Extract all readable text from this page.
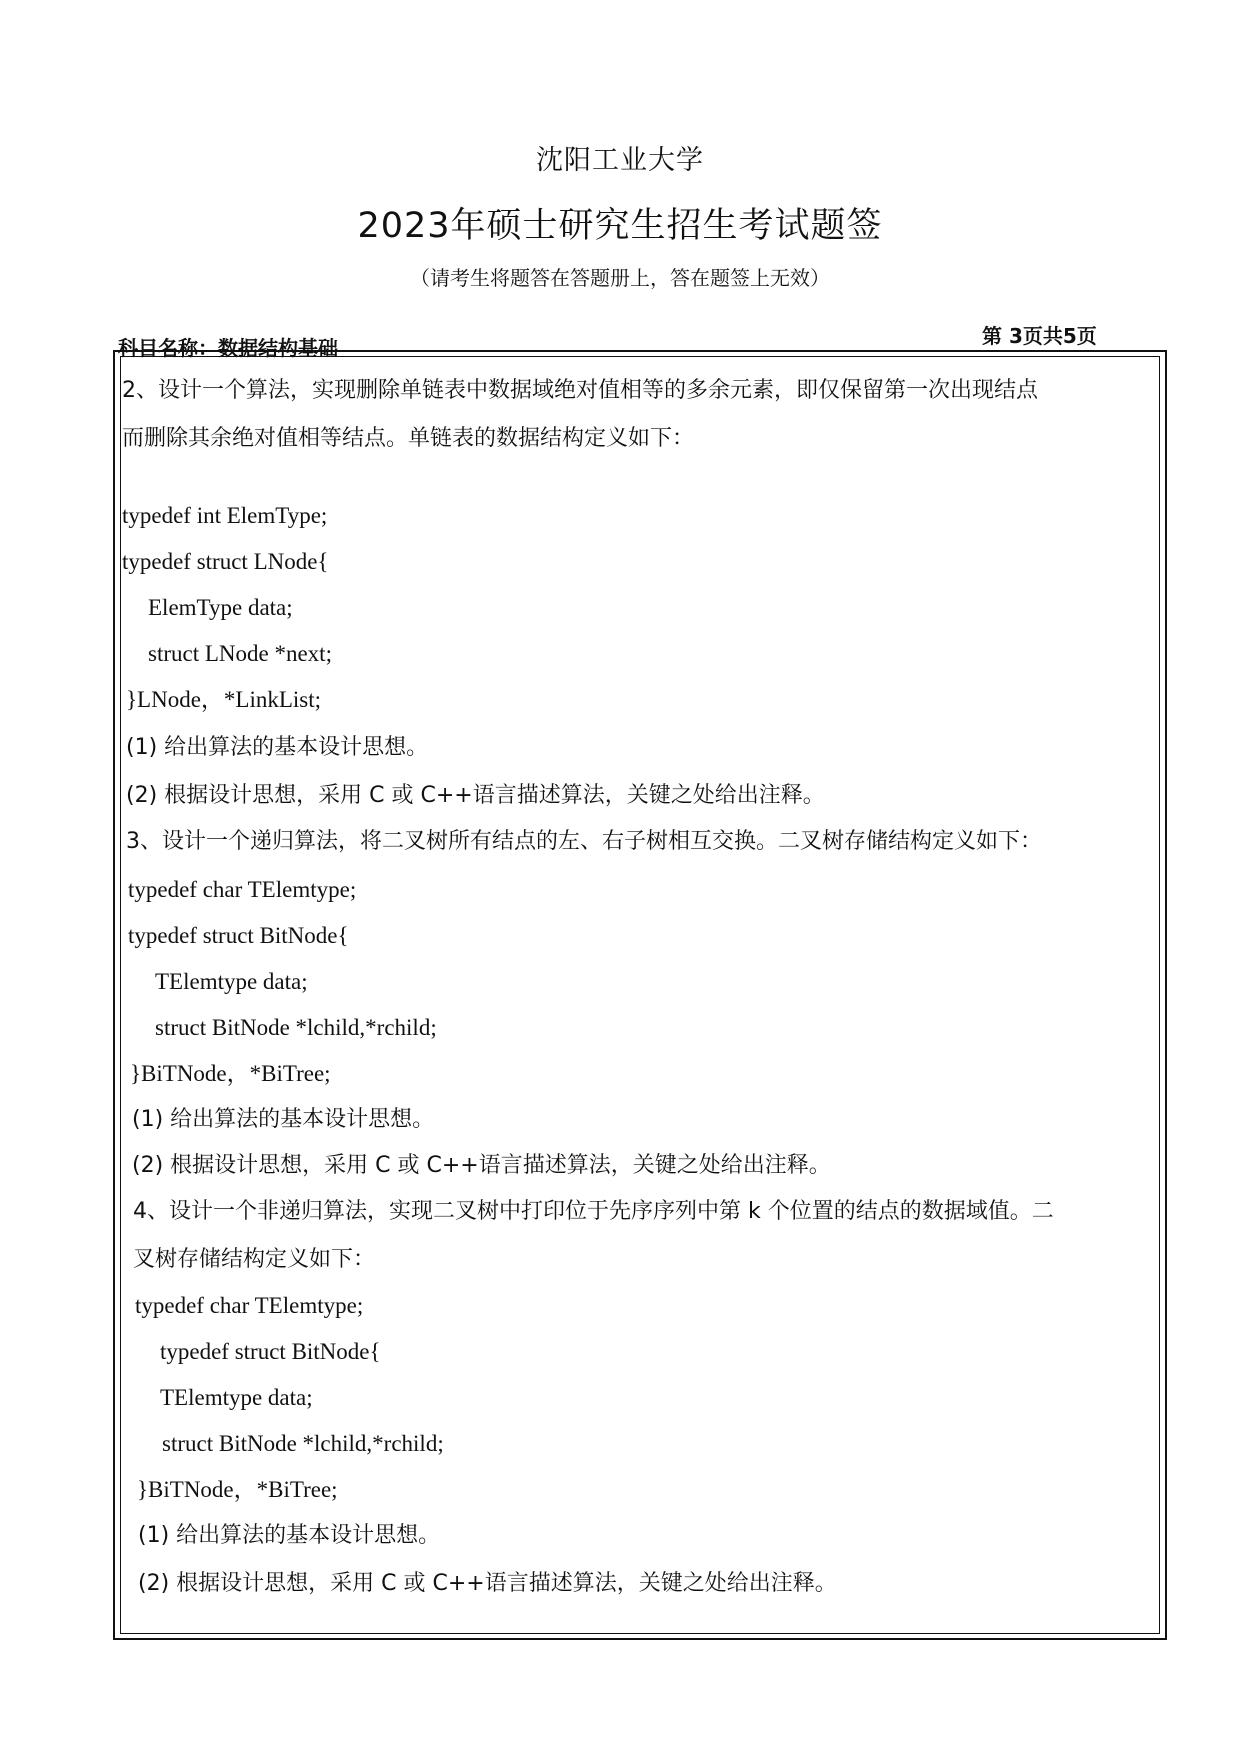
沈阳工业大学
2023年硕士研究生招生考试题签
（请考生将题答在答题册上，答在题签上无效）
科目名称：数据结构基础	第 3页共5页
2、设计一个算法，实现删除单链表中数据域绝对值相等的多余元素，即仅保留第一次出现结点
而删除其余绝对值相等结点。单链表的数据结构定义如下：
typedef int ElemType;
typedef struct LNode{
ElemType data;
struct LNode *next;
}LNode，*LinkList;
(1) 给出算法的基本设计思想。
(2) 根据设计思想，采用 C 或 C++语言描述算法，关键之处给出注释。
3、设计一个递归算法，将二叉树所有结点的左、右子树相互交换。二叉树存储结构定义如下：
typedef char TElemtype;
typedef struct BitNode{
TElemtype data;
struct BitNode *lchild,*rchild;
}BiTNode，*BiTree;
(1) 给出算法的基本设计思想。
(2) 根据设计思想，采用 C 或 C++语言描述算法，关键之处给出注释。
4、设计一个非递归算法，实现二叉树中打印位于先序序列中第 k 个位置的结点的数据域值。二
叉树存储结构定义如下：
typedef char TElemtype;
typedef struct BitNode{
TElemtype data;
struct BitNode *lchild,*rchild;
}BiTNode，*BiTree;
(1) 给出算法的基本设计思想。
(2) 根据设计思想，采用 C 或 C++语言描述算法，关键之处给出注释。
